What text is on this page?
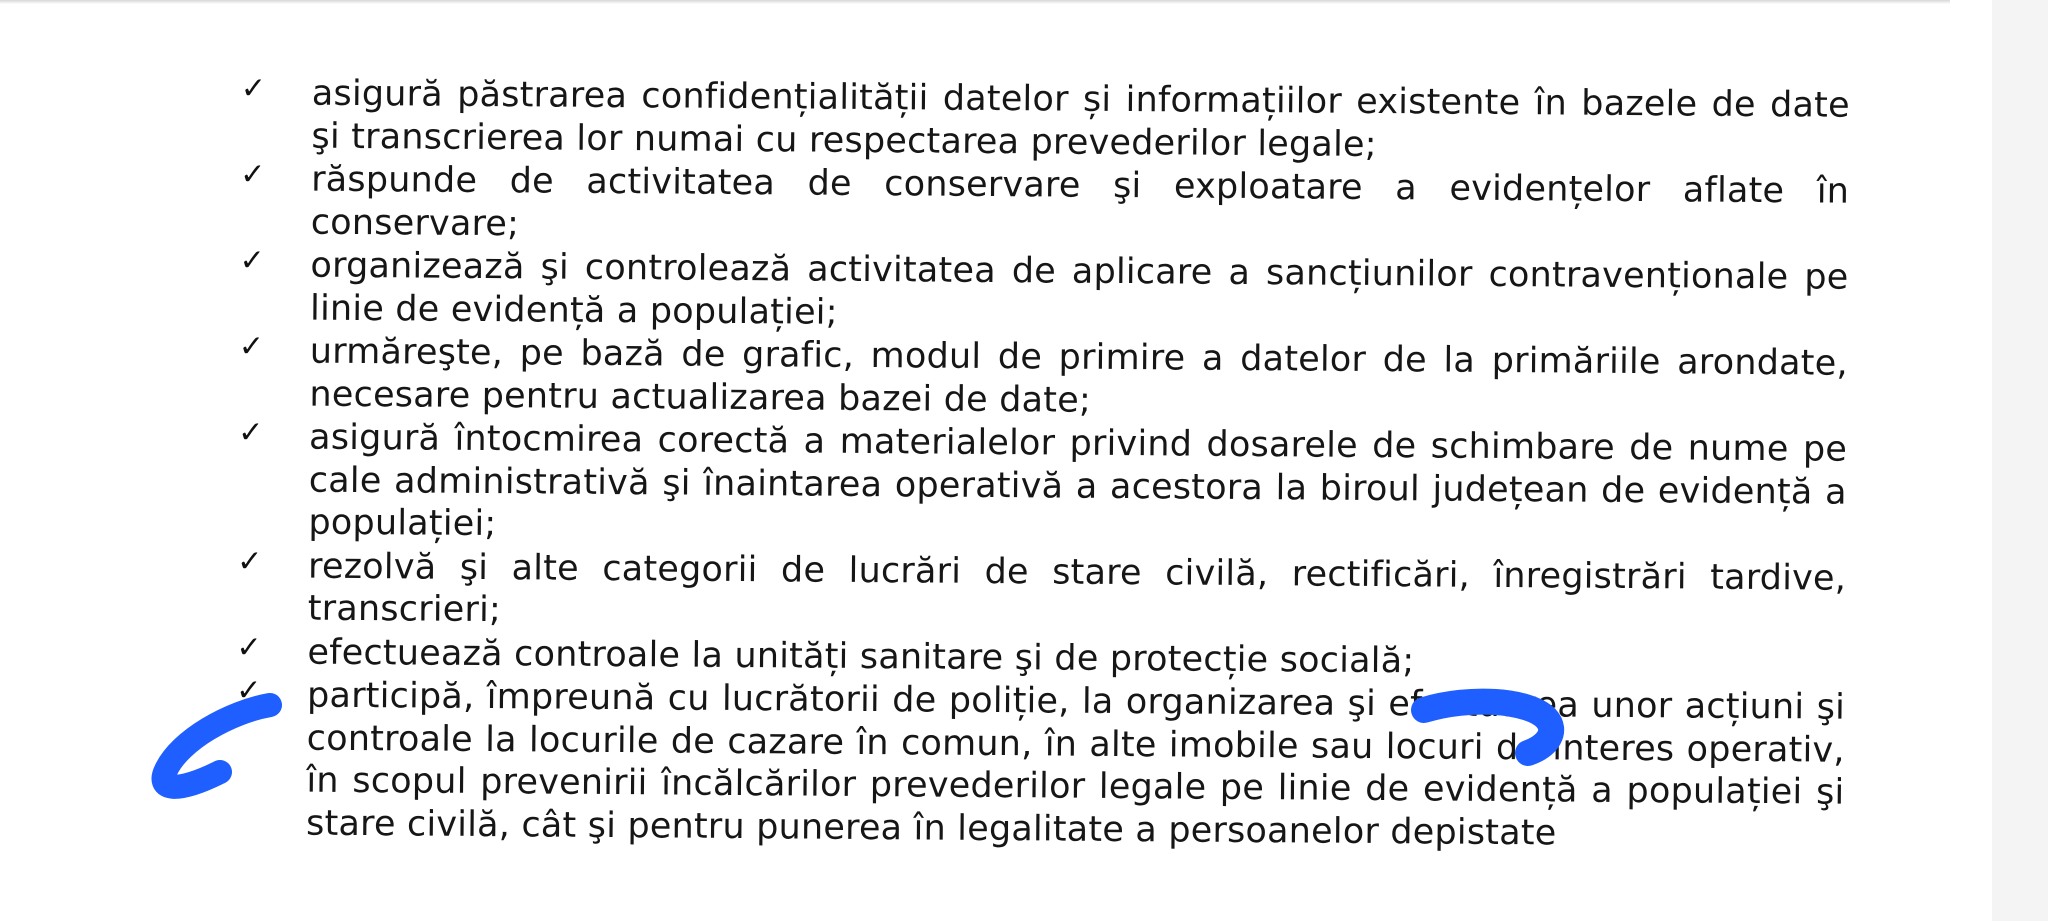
✓ asigură păstrarea confidențialității datelor și informațiilor existente în bazele de date şi transcrierea lor numai cu respectarea prevederilor legale;
✓ răspunde de activitatea de conservare şi exploatare a evidențelor aflate în conservare;
✓ organizează şi controlează activitatea de aplicare a sancțiunilor contravenționale pe linie de evidență a populației;
✓ urmăreşte, pe bază de grafic, modul de primire a datelor de la primăriile arondate, necesare pentru actualizarea bazei de date;
✓ asigură întocmirea corectă a materialelor privind dosarele de schimbare de nume pe cale administrativă şi înaintarea operativă a acestora la biroul județean de evidență a populației;
✓ rezolvă şi alte categorii de lucrări de stare civilă, rectificări, înregistrări tardive, transcrieri;
✓ efectuează controale la unități sanitare şi de protecție socială;
✓ participă, împreună cu lucrătorii de poliție, la organizarea şi efectuarea unor acțiuni şi controale la locurile de cazare în comun, în alte imobile sau locuri de interes operativ, în scopul prevenirii încălcărilor prevederilor legale pe linie de evidență a populației şi stare civilă, cât şi pentru punerea în legalitate a persoanelor depistate
